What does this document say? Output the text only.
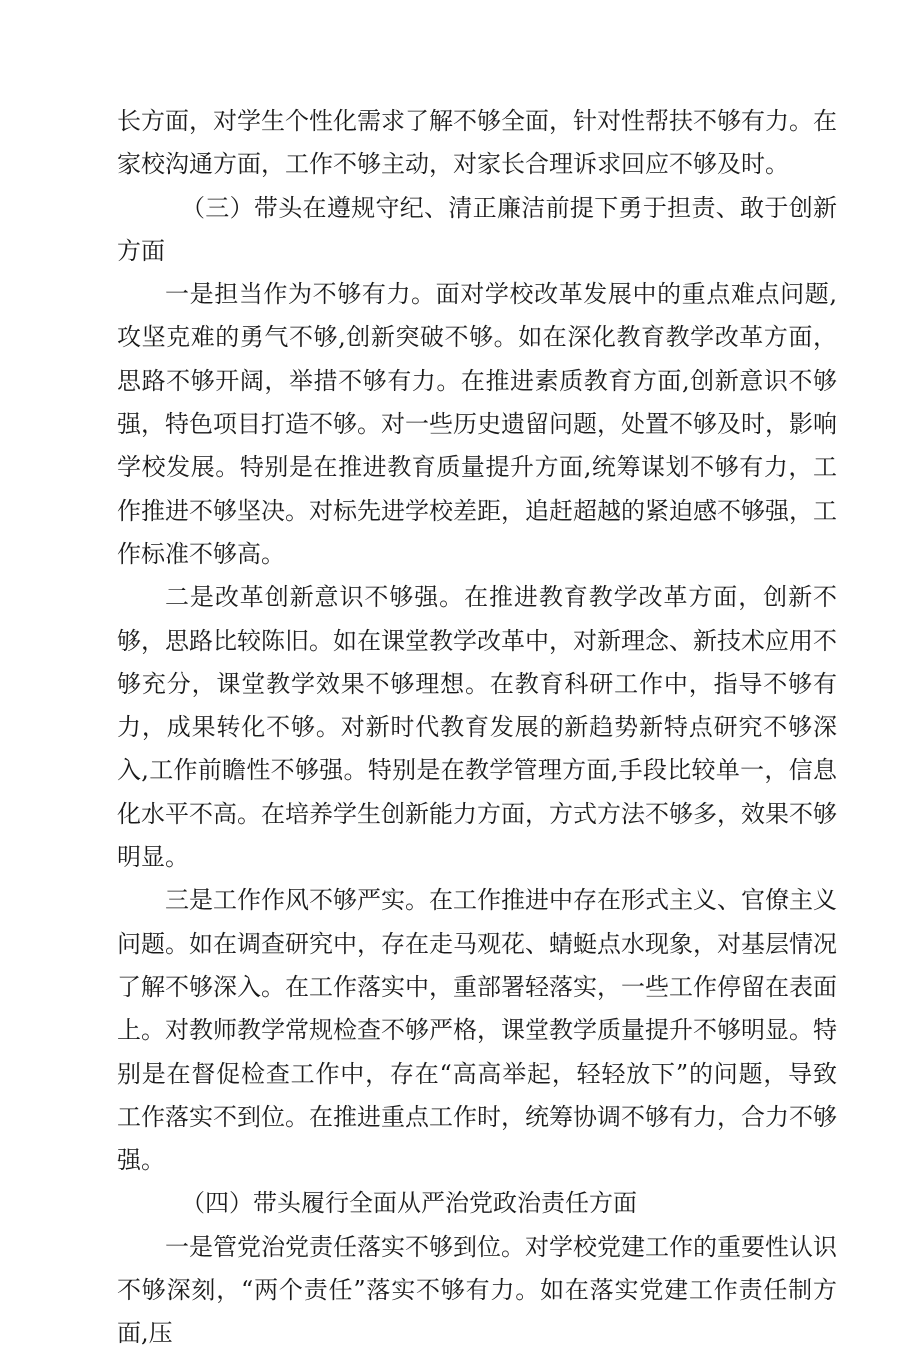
长方面，对学生个性化需求了解不够全面，针对性帮扶不够有力。在家校沟通方面，工作不够主动，对家长合理诉求回应不够及时。

（三）带头在遵规守纪、清正廉洁前提下勇于担责、敢于创新方面

一是担当作为不够有力。面对学校改革发展中的重点难点问题,攻坚克难的勇气不够,创新突破不够。如在深化教育教学改革方面，思路不够开阔，举措不够有力。在推进素质教育方面,创新意识不够强，特色项目打造不够。对一些历史遗留问题，处置不够及时，影响学校发展。特别是在推进教育质量提升方面,统筹谋划不够有力，工作推进不够坚决。对标先进学校差距，追赶超越的紧迫感不够强，工作标准不够高。

二是改革创新意识不够强。在推进教育教学改革方面，创新不够，思路比较陈旧。如在课堂教学改革中，对新理念、新技术应用不够充分，课堂教学效果不够理想。在教育科研工作中，指导不够有力，成果转化不够。对新时代教育发展的新趋势新特点研究不够深入,工作前瞻性不够强。特别是在教学管理方面,手段比较单一，信息化水平不高。在培养学生创新能力方面，方式方法不够多，效果不够明显。

三是工作作风不够严实。在工作推进中存在形式主义、官僚主义问题。如在调查研究中，存在走马观花、蜻蜓点水现象，对基层情况了解不够深入。在工作落实中，重部署轻落实，一些工作停留在表面上。对教师教学常规检查不够严格，课堂教学质量提升不够明显。特别是在督促检查工作中，存在“高高举起，轻轻放下”的问题，导致工作落实不到位。在推进重点工作时，统筹协调不够有力，合力不够强。

（四）带头履行全面从严治党政治责任方面

一是管党治党责任落实不够到位。对学校党建工作的重要性认识不够深刻，“两个责任”落实不够有力。如在落实党建工作责任制方面,压
